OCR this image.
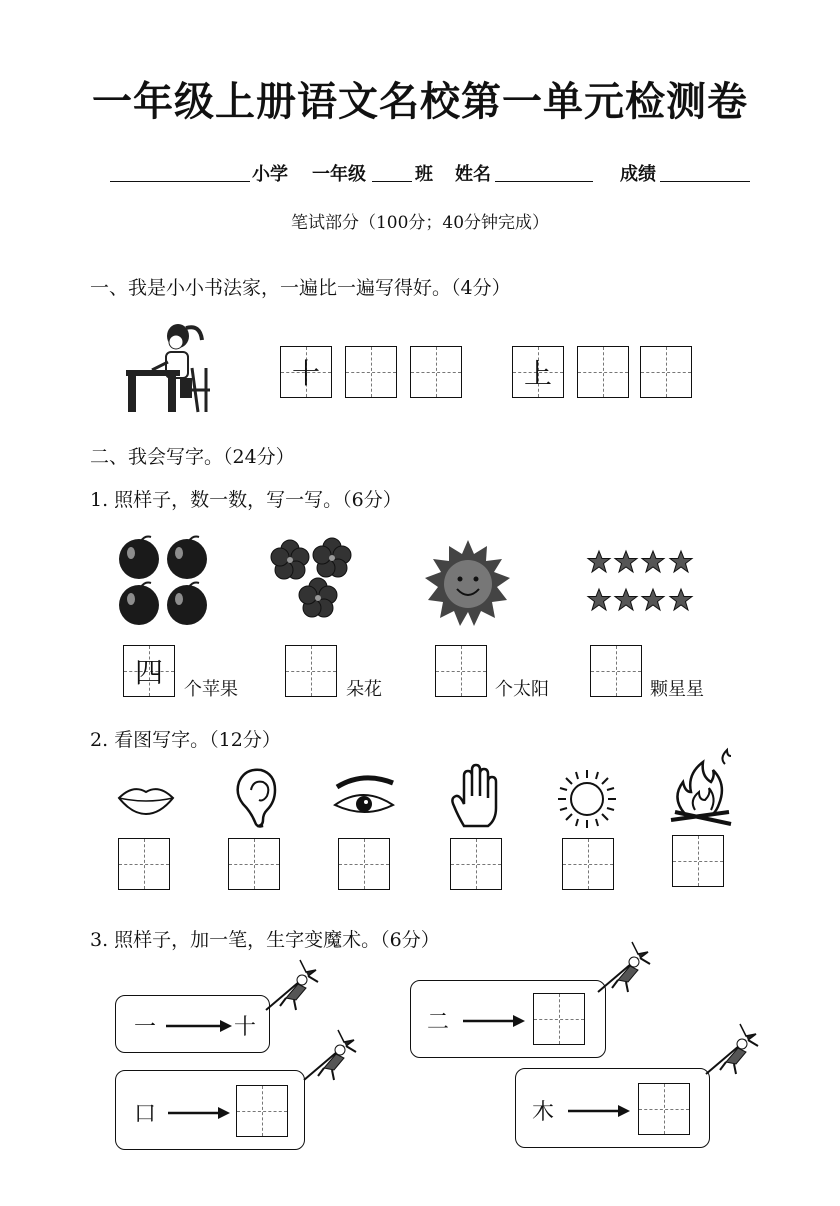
一年级上册语文名校第一单元检测卷
小学 一年级	班 姓名	成绩
笔试部分（100分；40分钟完成）
一、我是小小书法家，一遍比一遍写得好。（4分）
十	上
二、我会写字。（24分）
1. 照样子，数一数，写一写。（6分）
四
个苹果	朵花	个太阳	颗星星
2. 看图写字。（12分）
3. 照样子，加一笔，生字变魔术。（6分）
一	十	二
口	木
